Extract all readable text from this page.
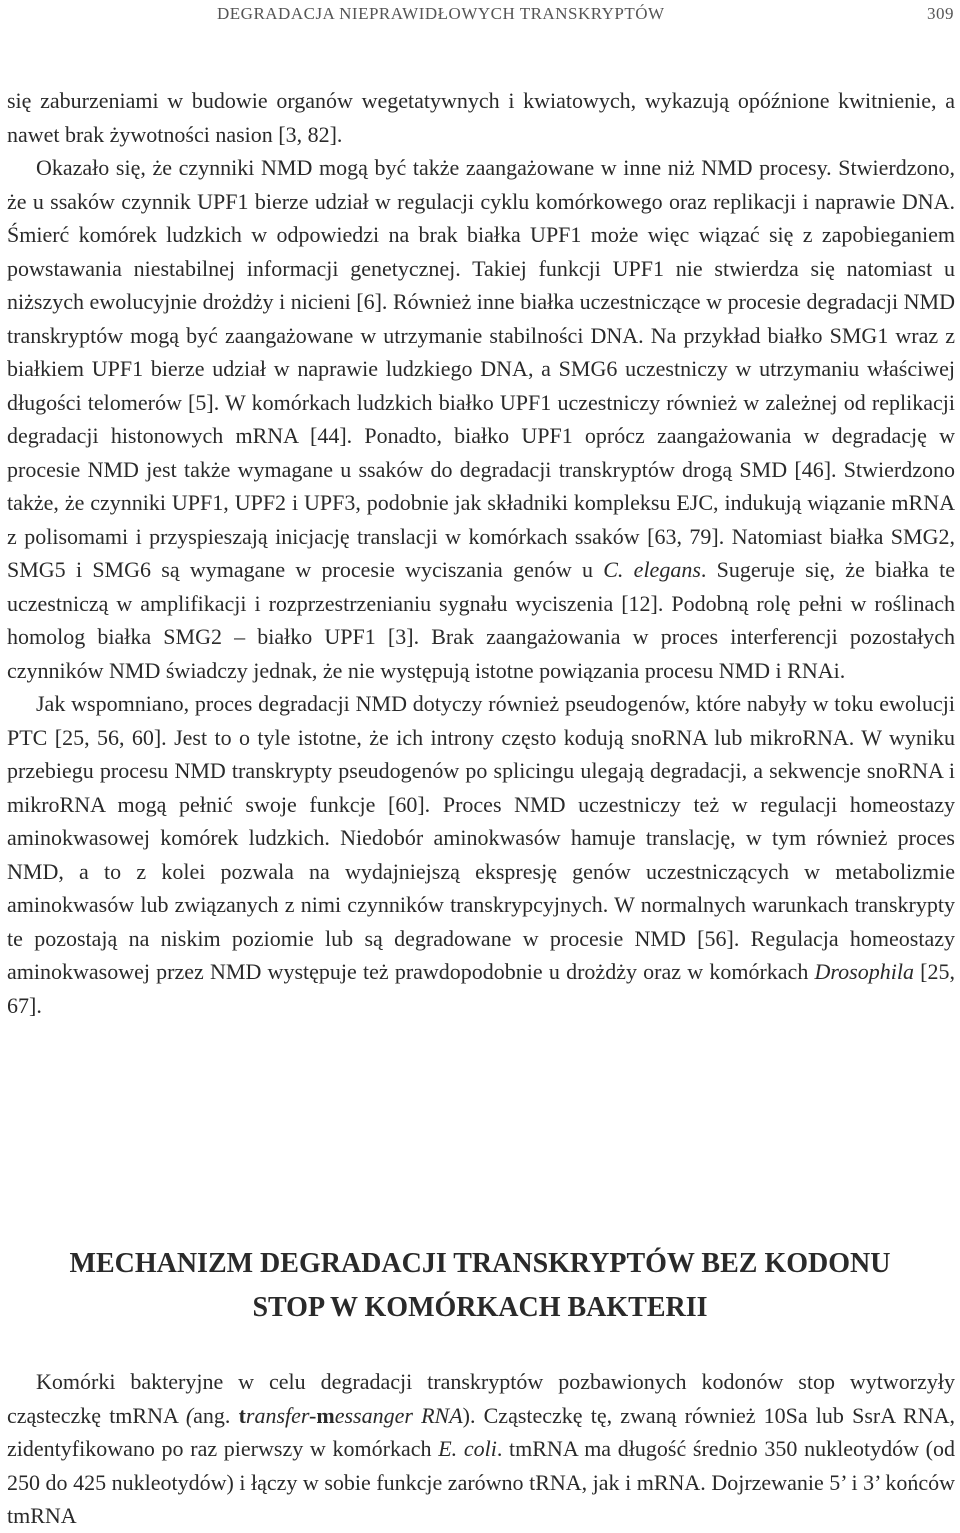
DEGRADACJA NIEPRAWIDŁOWYCH TRANSKRYPTÓW	309

się zaburzeniami w budowie organów wegetatywnych i kwiatowych, wykazują opóźnione kwitnienie, a nawet brak żywotności nasion [3, 82].
Okazało się, że czynniki NMD mogą być także zaangażowane w inne niż NMD procesy. Stwierdzono, że u ssaków czynnik UPF1 bierze udział w regulacji cyklu komórkowego oraz replikacji i naprawie DNA. Śmierć komórek ludzkich w odpowiedzi na brak białka UPF1 może więc wiązać się z zapobieganiem powstawania niestabilnej informacji genetycznej. Takiej funkcji UPF1 nie stwierdza się natomiast u niższych ewolucyjnie drożdży i nicieni [6]. Również inne białka uczestniczące w procesie degradacji NMD transkryptów mogą być zaangażowane w utrzymanie stabilności DNA. Na przykład białko SMG1 wraz z białkiem UPF1 bierze udział w naprawie ludzkiego DNA, a SMG6 uczestniczy w utrzymaniu właściwej długości telomerów [5]. W komórkach ludzkich białko UPF1 uczestniczy również w zależnej od replikacji degradacji histonowych mRNA [44]. Ponadto, białko UPF1 oprócz zaangażowania w degradację w procesie NMD jest także wymagane u ssaków do degradacji transkryptów drogą SMD [46]. Stwierdzono także, że czynniki UPF1, UPF2 i UPF3, podobnie jak składniki kompleksu EJC, indukują wiązanie mRNA z polisomami i przyspieszają inicjację translacji w komórkach ssaków [63, 79]. Natomiast białka SMG2, SMG5 i SMG6 są wymagane w procesie wyciszania genów u C. elegans. Sugeruje się, że białka te uczestniczą w amplifikacji i rozprzestrzenianiu sygnału wyciszenia [12]. Podobną rolę pełni w roślinach homolog białka SMG2 – białko UPF1 [3]. Brak zaangażowania w proces interferencji pozostałych czynników NMD świadczy jednak, że nie występują istotne powiązania procesu NMD i RNAi.
Jak wspomniano, proces degradacji NMD dotyczy również pseudogenów, które nabyły w toku ewolucji PTC [25, 56, 60]. Jest to o tyle istotne, że ich introny często kodują snoRNA lub mikroRNA. W wyniku przebiegu procesu NMD transkrypty pseudogenów po splicingu ulegają degradacji, a sekwencje snoRNA i mikroRNA mogą pełnić swoje funkcje [60]. Proces NMD uczestniczy też w regulacji homeostazy aminokwasowej komórek ludzkich. Niedobór aminokwasów hamuje translację, w tym również proces NMD, a to z kolei pozwala na wydajniejszą ekspresję genów uczestniczących w metabolizmie aminokwasów lub związanych z nimi czynników transkrypcyjnych. W normalnych warunkach transkrypty te pozostają na niskim poziomie lub są degradowane w procesie NMD [56]. Regulacja homeostazy aminokwasowej przez NMD występuje też prawdopodobnie u drożdży oraz w komórkach Drosophila [25, 67].

MECHANIZM DEGRADACJI TRANSKRYPTÓW BEZ KODONU
STOP W KOMÓRKACH BAKTERII

Komórki bakteryjne w celu degradacji transkryptów pozbawionych kodonów stop wytworzyły cząsteczkę tmRNA (ang. transfer-messanger RNA). Cząsteczkę tę, zwaną również 10Sa lub SsrA RNA, zidentyfikowano po raz pierwszy w komórkach E. coli. tmRNA ma długość średnio 350 nukleotydów (od 250 do 425 nukleotydów) i łączy w sobie funkcje zarówno tRNA, jak i mRNA. Dojrzewanie 5’ i 3’ końców tmRNA
